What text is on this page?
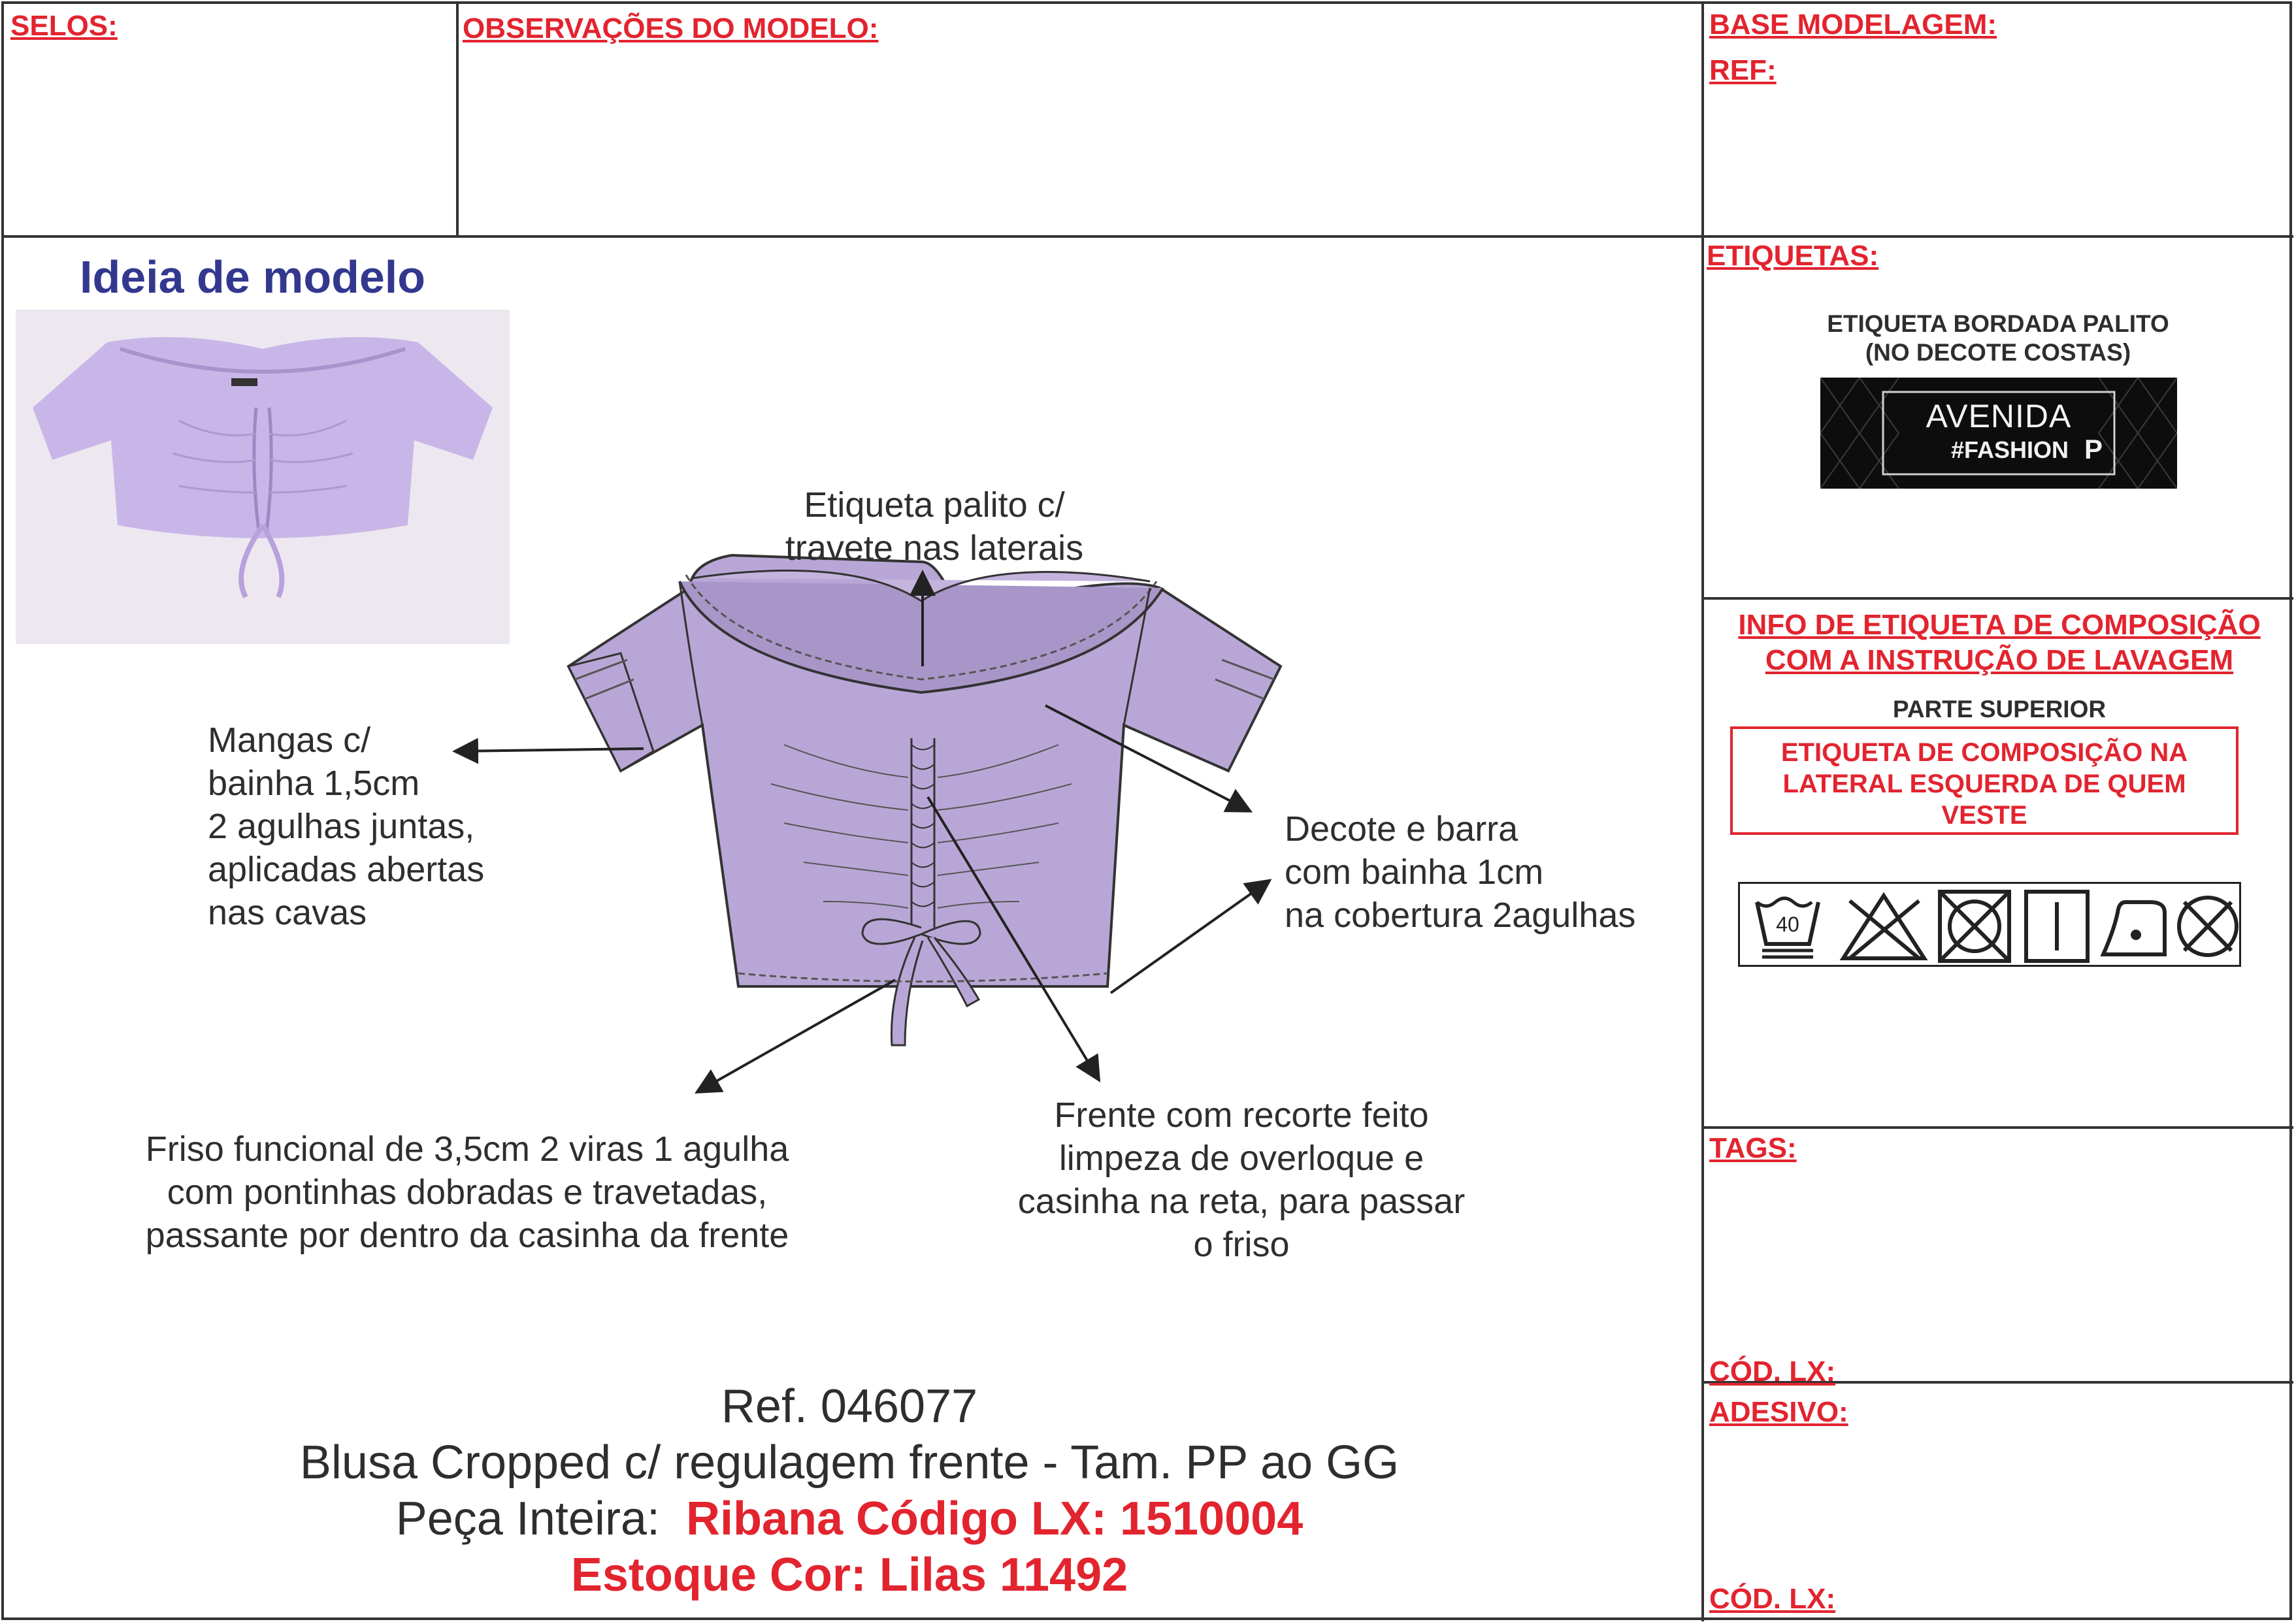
SELOS:	OBSERVAÇÕES DO MODELO:	BASE MODELAGEM:
REF:
Ideia de modelo
Etiqueta palito c/
travete nas laterais
Mangas c/
bainha 1,5cm
2 agulhas juntas,
aplicadas abertas
nas cavas
Decote e barra
com bainha 1cm
na cobertura 2agulhas
Friso funcional de 3,5cm 2 viras 1 agulha
com pontinhas dobradas e travetadas,
passante por dentro da casinha da frente
Frente com recorte feito
limpeza de overloque e
casinha na reta, para passar
o friso
Ref. 046077
Blusa Cropped c/ regulagem frente - Tam. PP ao GG
Peça Inteira: Ribana Código LX: 1510004
Estoque Cor: Lilas 11492
ETIQUETAS:
ETIQUETA BORDADA PALITO
(NO DECOTE COSTAS)
AVENIDA
#FASHION P
INFO DE ETIQUETA DE COMPOSIÇÃO
COM A INSTRUÇÃO DE LAVAGEM
PARTE SUPERIOR
ETIQUETA DE COMPOSIÇÃO NA
LATERAL ESQUERDA DE QUEM
VESTE
40
TAGS:
CÓD. LX:
ADESIVO:
CÓD. LX:
